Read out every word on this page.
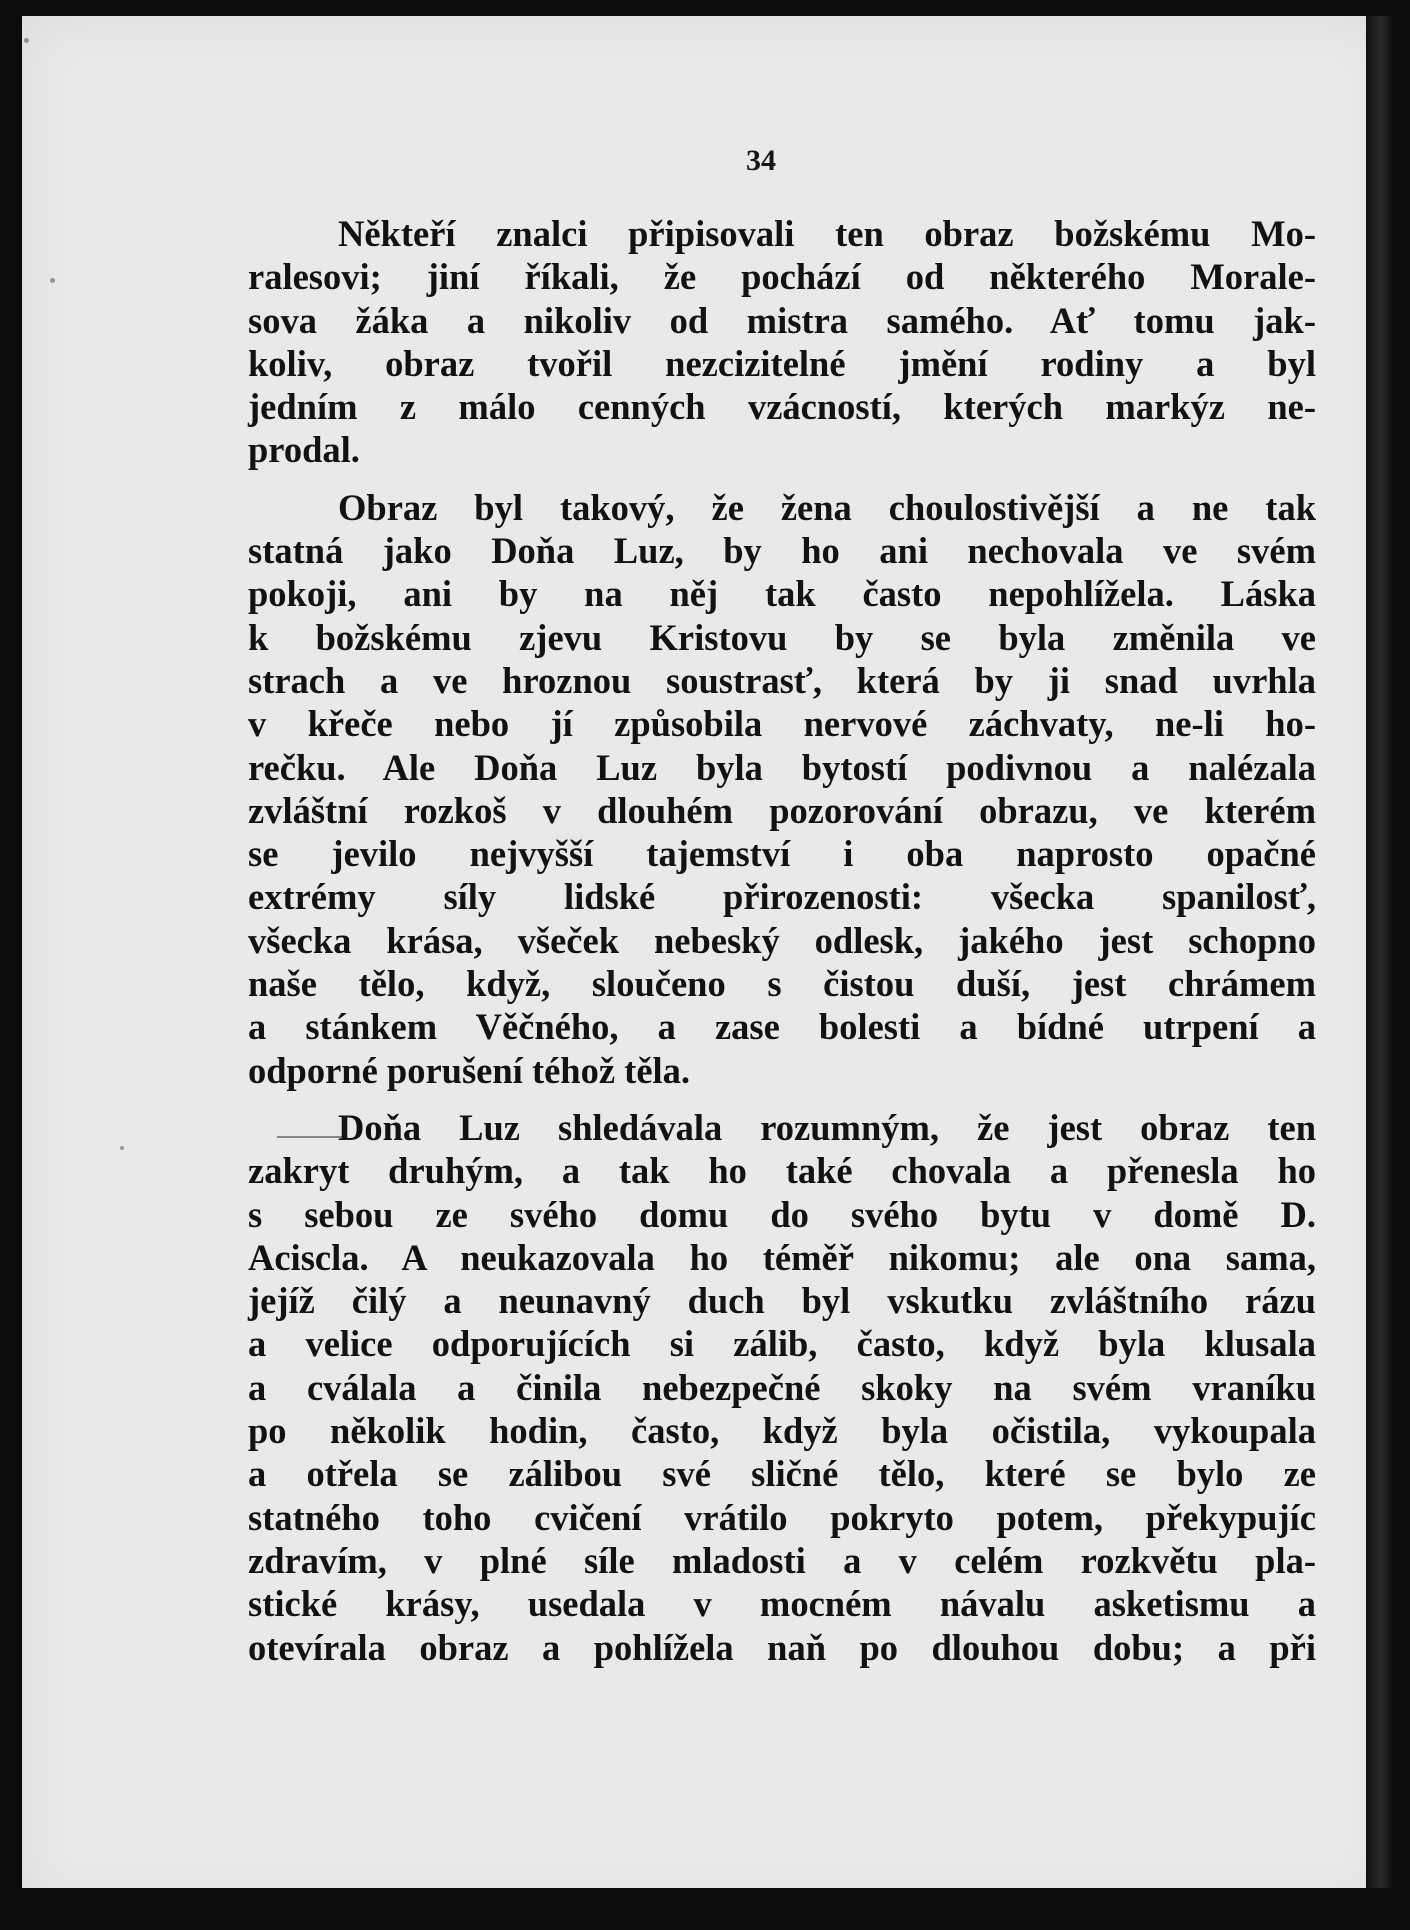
34
Někteří znalci připisovali ten obraz božskému Mo-
ralesovi; jiní říkali, že pochází od některého Morale-
sova žáka a nikoliv od mistra samého. Ať tomu jak-
koliv, obraz tvořil nezcizitelné jmění rodiny a byl
jedním z málo cenných vzácností, kterých markýz ne-
prodal.
Obraz byl takový, že žena choulostivější a ne tak
statná jako Doňa Luz, by ho ani nechovala ve svém
pokoji, ani by na něj tak často nepohlížela. Láska
k božskému zjevu Kristovu by se byla změnila ve
strach a ve hroznou soustrasť, která by ji snad uvrhla
v křeče nebo jí způsobila nervové záchvaty, ne-li ho-
rečku. Ale Doňa Luz byla bytostí podivnou a nalézala
zvláštní rozkoš v dlouhém pozorování obrazu, ve kterém
se jevilo nejvyšší tajemství i oba naprosto opačné
extrémy síly lidské přirozenosti: všecka spanilosť,
všecka krása, všeček nebeský odlesk, jakého jest schopno
naše tělo, když, sloučeno s čistou duší, jest chrámem
a stánkem Věčného, a zase bolesti a bídné utrpení a
odporné porušení téhož těla.
Doňa Luz shledávala rozumným, že jest obraz ten
zakryt druhým, a tak ho také chovala a přenesla ho
s sebou ze svého domu do svého bytu v domě D.
Aciscla. A neukazovala ho téměř nikomu; ale ona sama,
jejíž čilý a neunavný duch byl vskutku zvláštního rázu
a velice odporujících si zálib, často, když byla klusala
a cválala a činila nebezpečné skoky na svém vraníku
po několik hodin, často, když byla očistila, vykoupala
a otřela se zálibou své sličné tělo, které se bylo ze
statného toho cvičení vrátilo pokryto potem, překypujíc
zdravím, v plné síle mladosti a v celém rozkvětu pla-
stické krásy, usedala v mocném návalu asketismu a
otevírala obraz a pohlížela naň po dlouhou dobu; a při
